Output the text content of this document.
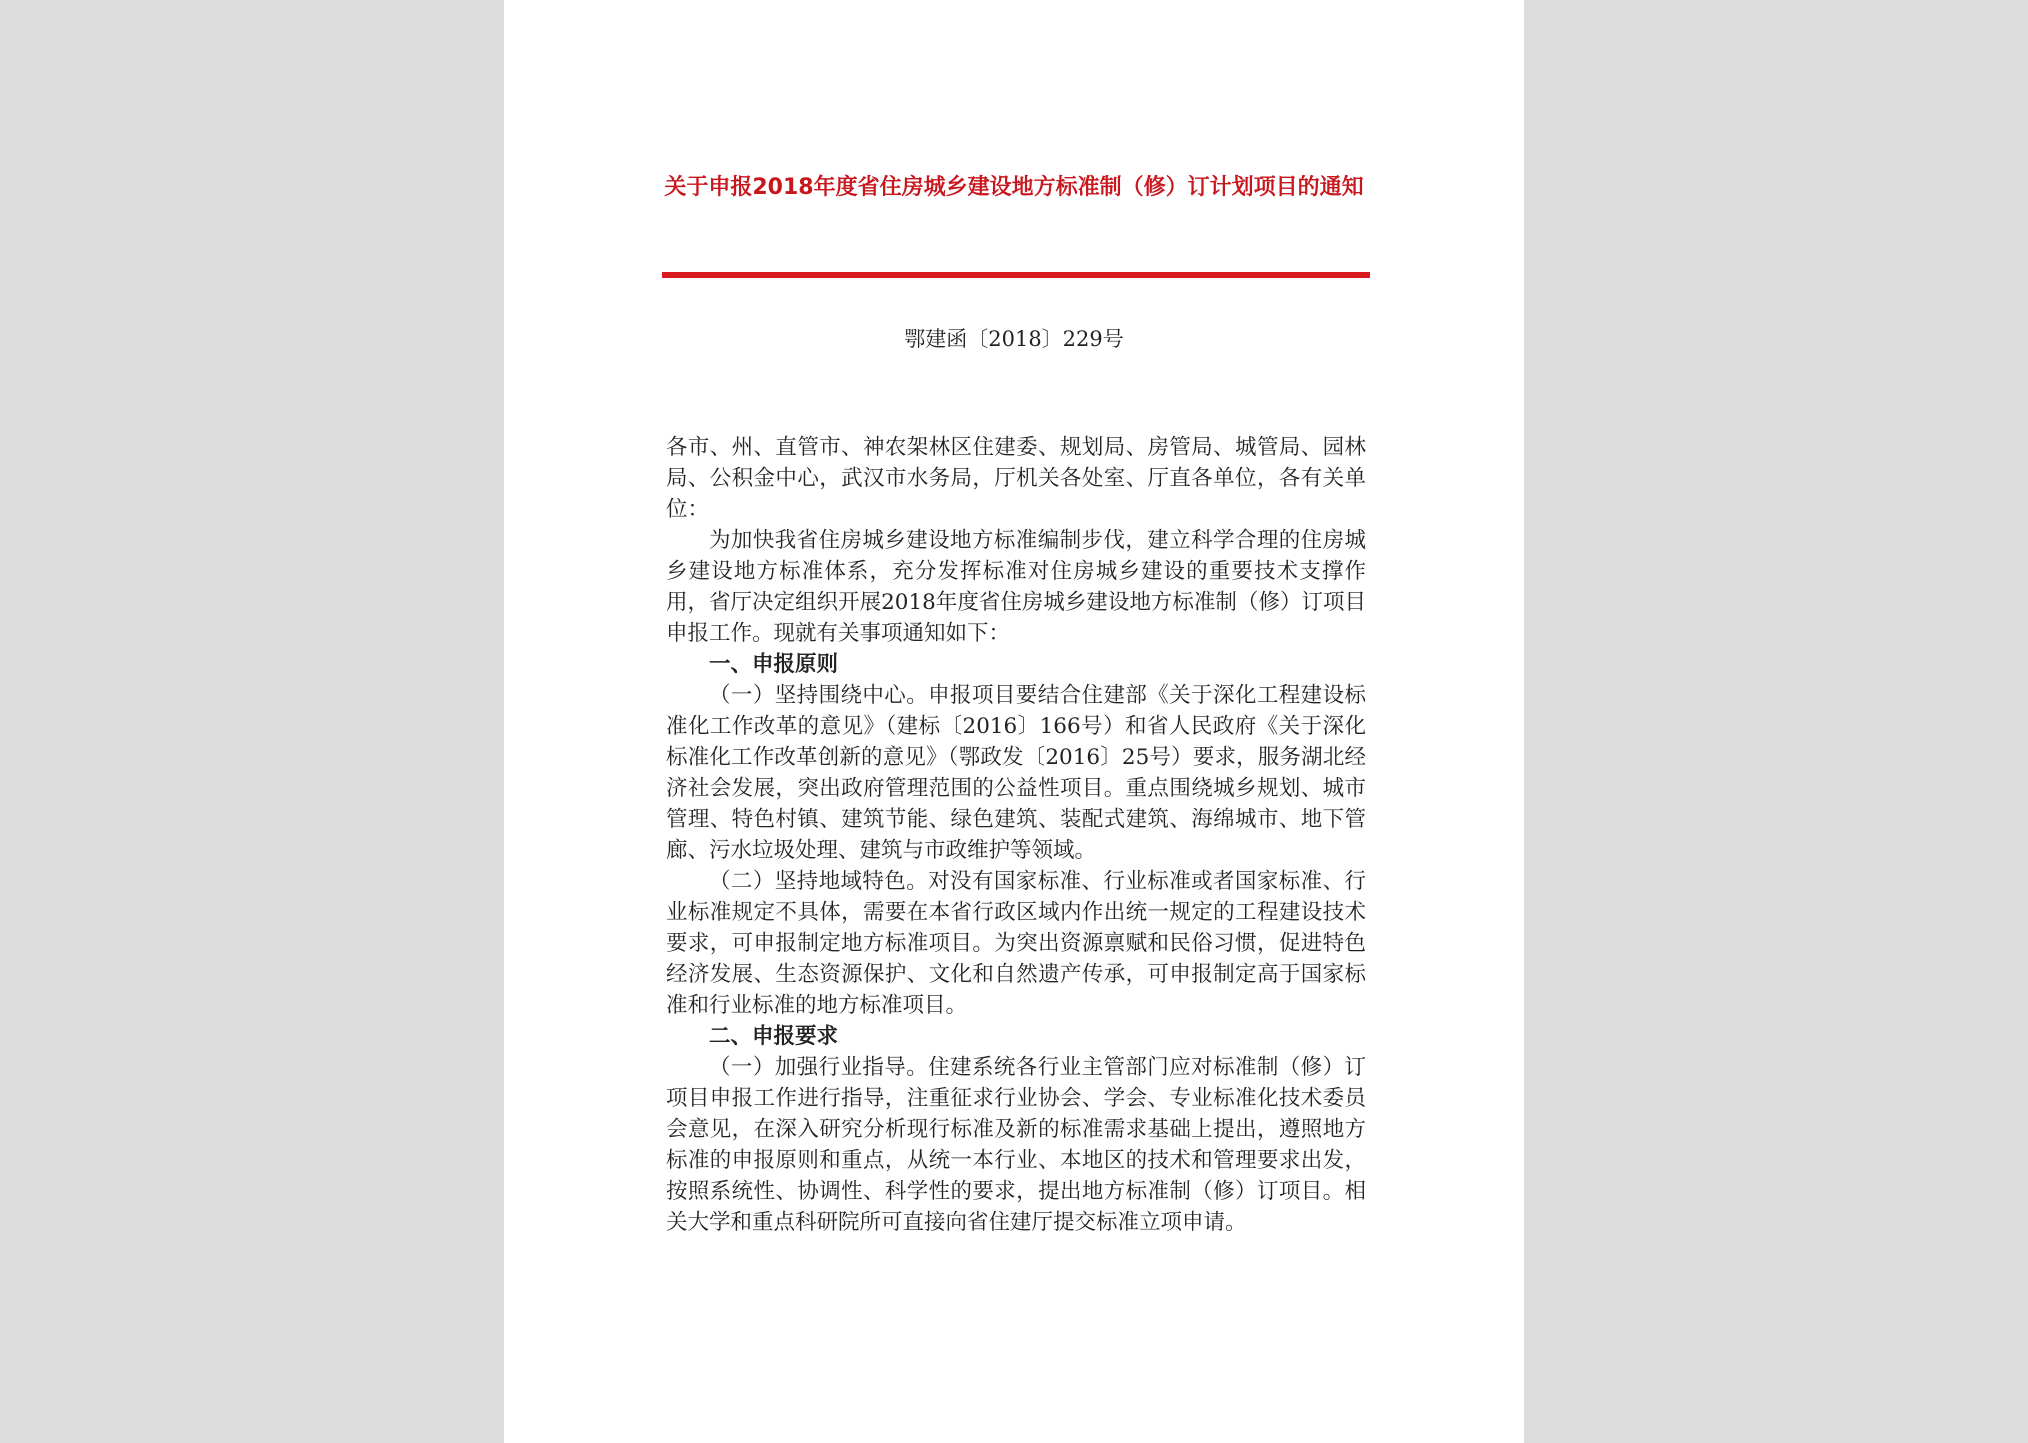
关于申报2018年度省住房城乡建设地方标准制（修）订计划项目的通知
鄂建函〔2018〕229号

各市、州、直管市、神农架林区住建委、规划局、房管局、城管局、园林局、公积金中心，武汉市水务局，厅机关各处室、厅直各单位，各有关单位：

为加快我省住房城乡建设地方标准编制步伐，建立科学合理的住房城乡建设地方标准体系，充分发挥标准对住房城乡建设的重要技术支撑作用，省厅决定组织开展2018年度省住房城乡建设地方标准制（修）订项目申报工作。现就有关事项通知如下：

一、申报原则

（一）坚持围绕中心。申报项目要结合住建部《关于深化工程建设标准化工作改革的意见》（建标〔2016〕166号）和省人民政府《关于深化标准化工作改革创新的意见》（鄂政发〔2016〕25号）要求，服务湖北经济社会发展，突出政府管理范围的公益性项目。重点围绕城乡规划、城市管理、特色村镇、建筑节能、绿色建筑、装配式建筑、海绵城市、地下管廊、污水垃圾处理、建筑与市政维护等领域。

（二）坚持地域特色。对没有国家标准、行业标准或者国家标准、行业标准规定不具体，需要在本省行政区域内作出统一规定的工程建设技术要求，可申报制定地方标准项目。为突出资源禀赋和民俗习惯，促进特色经济发展、生态资源保护、文化和自然遗产传承，可申报制定高于国家标准和行业标准的地方标准项目。

二、申报要求

（一）加强行业指导。住建系统各行业主管部门应对标准制（修）订项目申报工作进行指导，注重征求行业协会、学会、专业标准化技术委员会意见，在深入研究分析现行标准及新的标准需求基础上提出，遵照地方标准的申报原则和重点，从统一本行业、本地区的技术和管理要求出发，按照系统性、协调性、科学性的要求，提出地方标准制（修）订项目。相关大学和重点科研院所可直接向省住建厅提交标准立项申请。
